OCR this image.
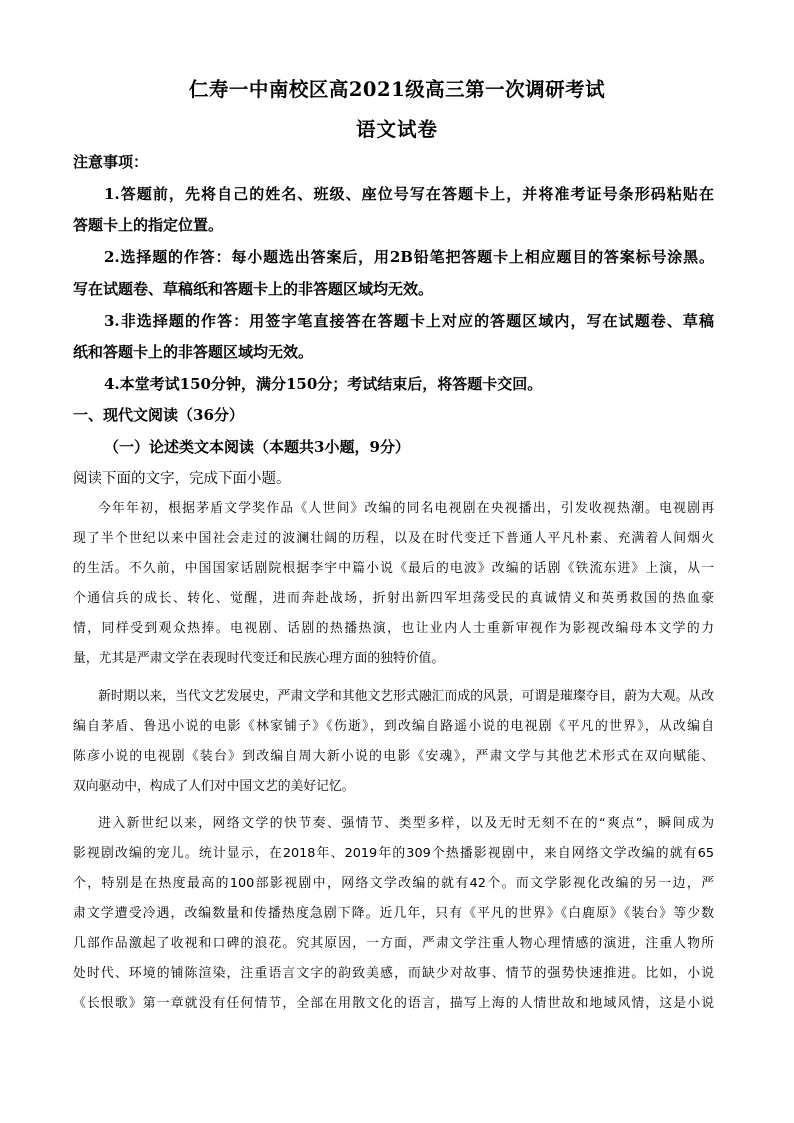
仁寿一中南校区高2021级高三第一次调研考试
语文试卷
注意事项：
1.答题前，先将自己的姓名、班级、座位号写在答题卡上，并将准考证号条形码粘贴在
答题卡上的指定位置。
2.选择题的作答：每小题选出答案后，用2B铅笔把答题卡上相应题目的答案标号涂黑。
写在试题卷、草稿纸和答题卡上的非答题区域均无效。
3.非选择题的作答：用签字笔直接答在答题卡上对应的答题区域内，写在试题卷、草稿
纸和答题卡上的非答题区域均无效。
4.本堂考试150分钟，满分150分；考试结束后，将答题卡交回。
一、现代文阅读（36分）
（一）论述类文本阅读（本题共3小题，9分）
阅读下面的文字，完成下面小题。
今年年初，根据茅盾文学奖作品《人世间》改编的同名电视剧在央视播出，引发收视热潮。电视剧再
现了半个世纪以来中国社会走过的波澜壮阔的历程，以及在时代变迁下普通人平凡朴素、充满着人间烟火
的生活。不久前，中国国家话剧院根据李宇中篇小说《最后的电波》改编的话剧《铁流东进》上演，从一
个通信兵的成长、转化、觉醒，进而奔赴战场，折射出新四军坦荡受民的真诚情义和英勇救国的热血豪
情，同样受到观众热捧。电视剧、话剧的热播热演，也让业内人士重新审视作为影视改编母本文学的力
量，尤其是严肃文学在表现时代变迁和民族心理方面的独特价值。
新时期以来，当代文艺发展史，严肃文学和其他文艺形式融汇而成的风景，可谓是璀璨夺目，蔚为大观。从改
编自茅盾、鲁迅小说的电影《林家铺子》《伤逝》，到改编自路遥小说的电视剧《平凡的世界》，从改编自
陈彦小说的电视剧《装台》到改编自周大新小说的电影《安魂》，严肃文学与其他艺术形式在双向赋能、
双向驱动中，构成了人们对中国文艺的美好记忆。
进入新世纪以来，网络文学的快节奏、强情节、类型多样，以及无时无刻不在的“爽点”，瞬间成为
影视剧改编的宠儿。统计显示，在2018年、2019年的309个热播影视剧中，来自网络文学改编的就有65
个，特别是在热度最高的100部影视剧中，网络文学改编的就有42个。而文学影视化改编的另一边，严
肃文学遭受冷遇，改编数量和传播热度急剧下降。近几年，只有《平凡的世界》《白鹿原》《装台》等少数
几部作品激起了收视和口碑的浪花。究其原因，一方面，严肃文学注重人物心理情感的演进，注重人物所
处时代、环境的铺陈渲染，注重语言文字的韵致美感，而缺少对故事、情节的强势快速推进。比如，小说
《长恨歌》第一章就没有任何情节，全部在用散文化的语言，描写上海的人情世故和地域风情，这是小说
